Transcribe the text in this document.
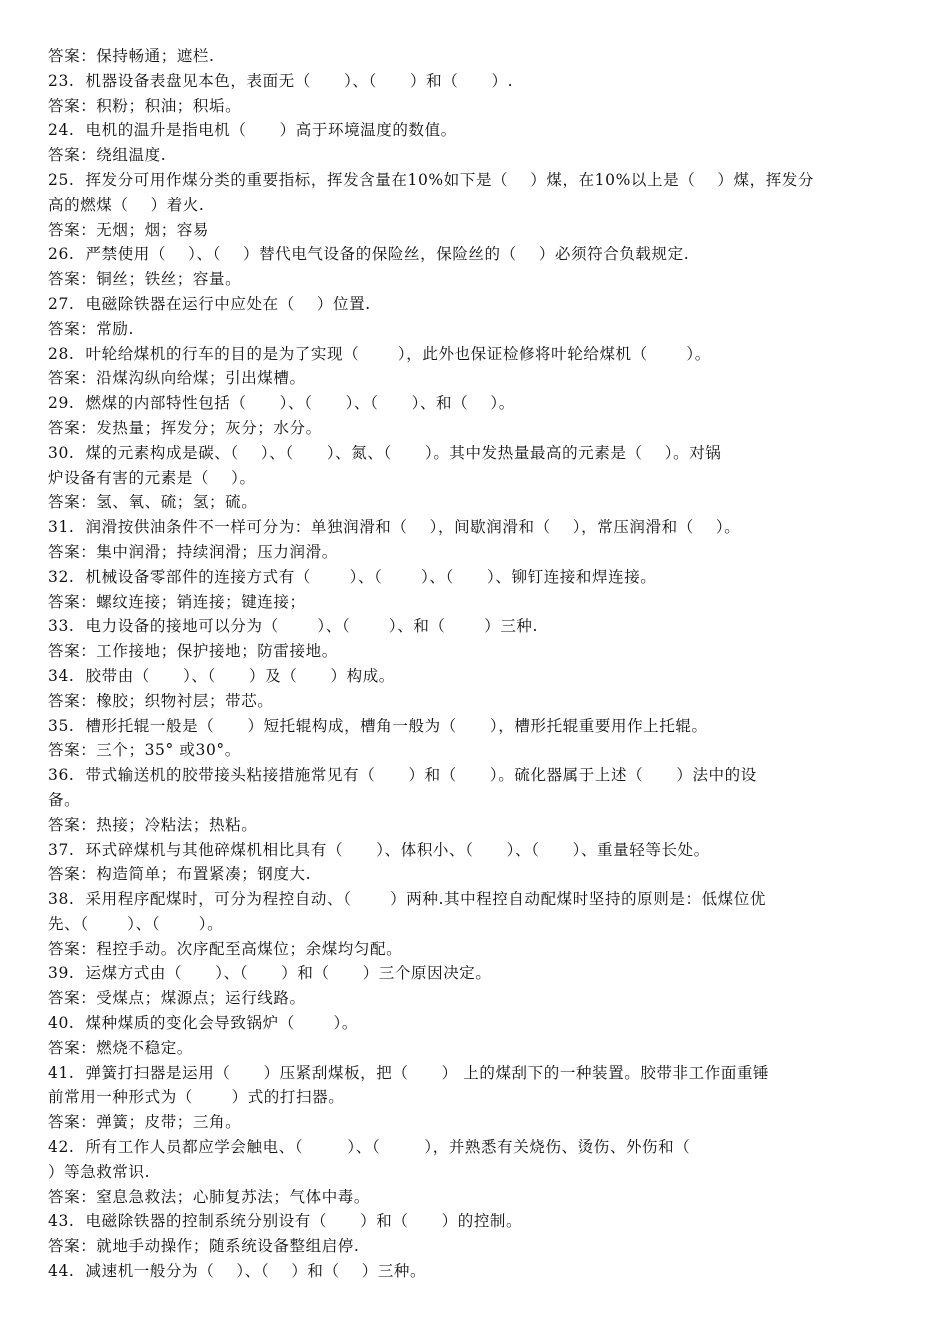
答案：保持畅通；遮栏.
23.  机器设备表盘见本色，表面无（      ）、（      ）和（      ）.
答案：积粉；积油；积垢。
24.  电机的温升是指电机（      ）高于环境温度的数值。
答案：绕组温度.
25.  挥发分可用作煤分类的重要指标，挥发含量在10%如下是（    ）煤，在10%以上是（    ）煤，挥发分
高的燃煤（    ）着火.
答案：无烟；烟；容易
26.  严禁使用（    ）、（    ）替代电气设备的保险丝，保险丝的（    ）必须符合负载规定.
答案：铜丝；铁丝；容量。
27.  电磁除铁器在运行中应处在（    ）位置.
答案：常励.
28.  叶轮给煤机的行车的目的是为了实现（       ），此外也保证检修将叶轮给煤机（       ）。
答案：沿煤沟纵向给煤；引出煤槽。
29.  燃煤的内部特性包括（      ）、（      ）、（      ）、和（    ）。
答案：发热量；挥发分；灰分；水分。
30.  煤的元素构成是碳、（    ）、（      ）、氮、（      ）。其中发热量最高的元素是（    ）。对锅
炉设备有害的元素是（    ）。
答案：氢、氧、硫；氢；硫。
31.  润滑按供油条件不一样可分为：单独润滑和（    ），间歇润滑和（    ），常压润滑和（    ）。
答案：集中润滑；持续润滑；压力润滑。
32.  机械设备零部件的连接方式有（       ）、（       ）、（      ）、铆钉连接和焊连接。
答案：螺纹连接；销连接；键连接；
33.  电力设备的接地可以分为（       ）、（       ）、和（       ）三种.
答案：工作接地；保护接地；防雷接地。
34.  胶带由（      ）、（      ）及（      ）构成。
答案：橡胶；织物衬层；带芯。
35.  槽形托辊一般是（      ）短托辊构成，槽角一般为（      ），槽形托辊重要用作上托辊。
答案：三个；35° 或30°。
36.  带式输送机的胶带接头粘接措施常见有（      ）和（      ）。硫化器属于上述（      ）法中的设
备。
答案：热接；冷粘法；热粘。
37.  环式碎煤机与其他碎煤机相比具有（      ）、体积小、（      ）、（      ）、重量轻等长处。
答案：构造简单；布置紧凑；钢度大.
38.  采用程序配煤时，可分为程控自动、（       ）两种.其中程控自动配煤时坚持的原则是：低煤位优
先、（       ）、（       ）。
答案：程控手动。次序配至高煤位；余煤均匀配。
39.  运煤方式由（      ）、（      ）和（      ）三个原因决定。
答案：受煤点；煤源点；运行线路。
40.  煤种煤质的变化会导致锅炉（       ）。
答案：燃烧不稳定。
41.  弹簧打扫器是运用（      ）压紧刮煤板，把（      ） 上的煤刮下的一种装置。胶带非工作面重锤
前常用一种形式为（       ）式的打扫器。
答案：弹簧；皮带；三角。
42.  所有工作人员都应学会触电、（        ）、（        ），并熟悉有关烧伤、烫伤、外伤和（
）等急救常识.
答案：窒息急救法；心肺复苏法；气体中毒。
43.  电磁除铁器的控制系统分别设有（      ）和（      ）的控制。
答案：就地手动操作；随系统设备整组启停.
44.  减速机一般分为（    ）、（    ）和（    ）三种。
